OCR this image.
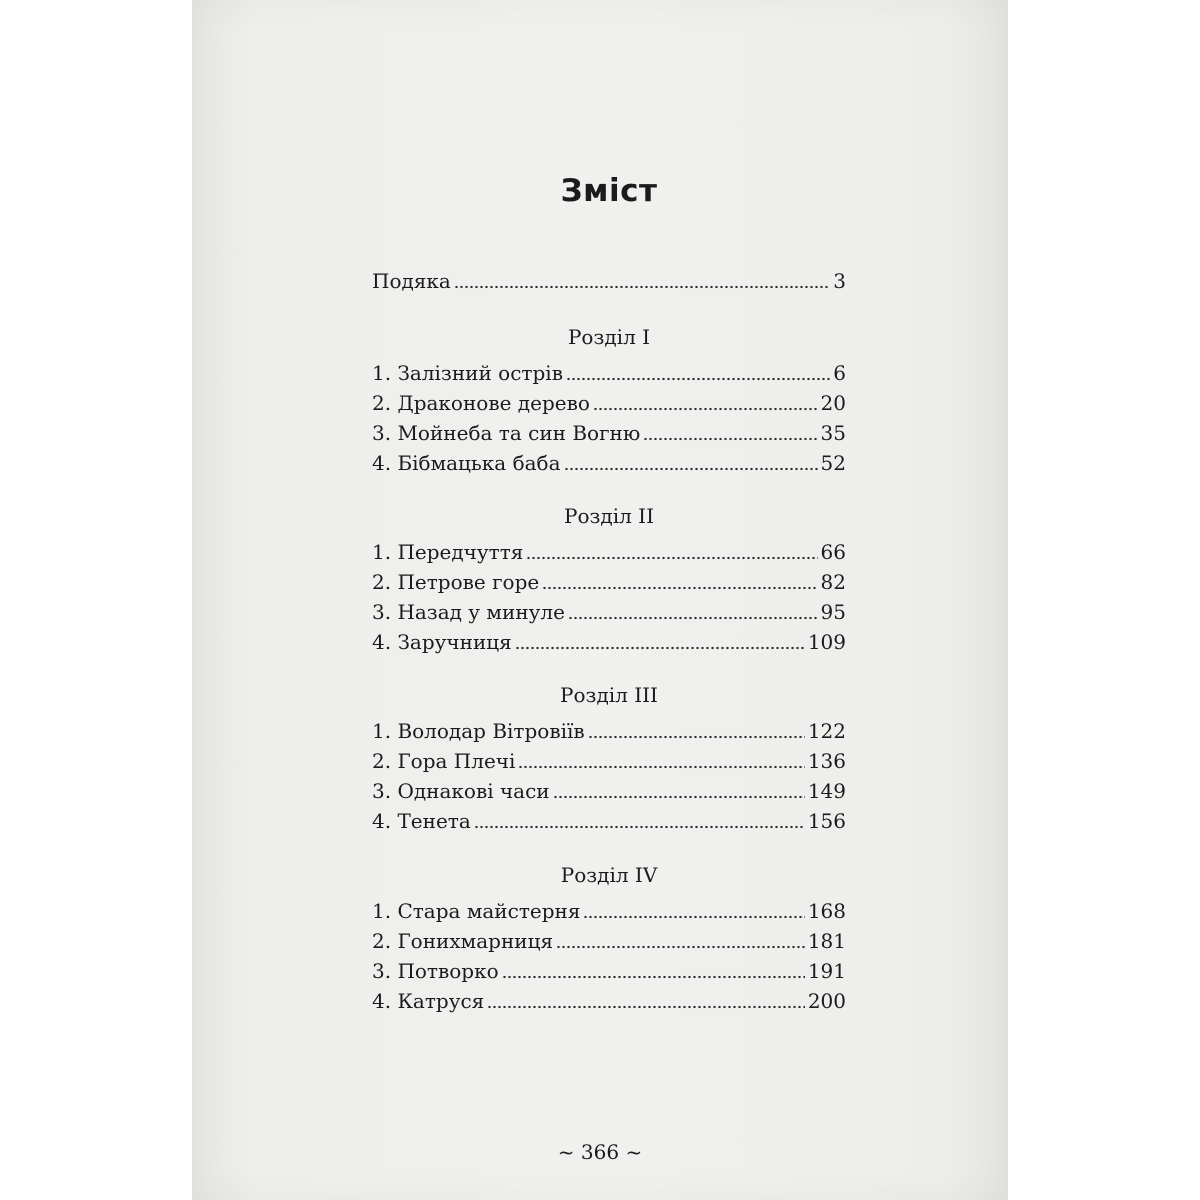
Зміст
Подяка	3
Розділ I
1. Залізний острів	6
2. Драконове дерево	20
3. Мойнеба та син Вогню	35
4. Бібмацька баба	52
Розділ II
1. Передчуття	66
2. Петрове горе	82
3. Назад у минуле	95
4. Заручниця	109
Розділ III
1. Володар Вітровіїв	122
2. Гора Плечі	136
3. Однакові часи	149
4. Тенета	156
Розділ IV
1. Стара майстерня	168
2. Гонихмарниця	181
3. Потворко	191
4. Катруся	200
~ 366 ~
